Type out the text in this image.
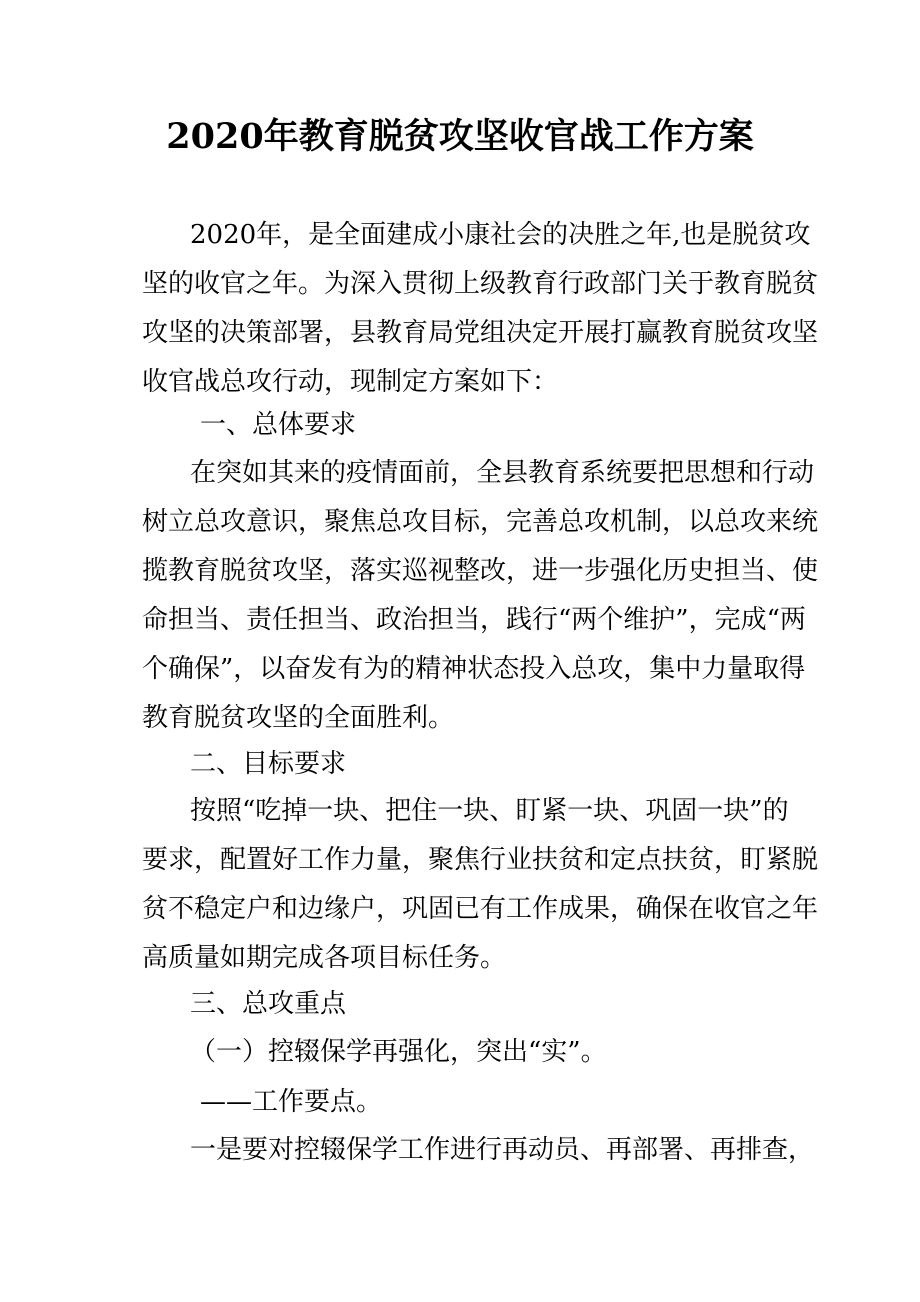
2020年教育脱贫攻坚收官战工作方案
2020年，是全面建成小康社会的决胜之年,也是脱贫攻
坚的收官之年。为深入贯彻上级教育行政部门关于教育脱贫
攻坚的决策部署，县教育局党组决定开展打赢教育脱贫攻坚
收官战总攻行动，现制定方案如下：
一、总体要求
在突如其来的疫情面前，全县教育系统要把思想和行动
树立总攻意识，聚焦总攻目标，完善总攻机制，以总攻来统
揽教育脱贫攻坚，落实巡视整改，进一步强化历史担当、使
命担当、责任担当、政治担当，践行“两个维护”，完成“两
个确保”，以奋发有为的精神状态投入总攻，集中力量取得
教育脱贫攻坚的全面胜利。
二、目标要求
按照“吃掉一块、把住一块、盯紧一块、巩固一块”的
要求，配置好工作力量，聚焦行业扶贫和定点扶贫，盯紧脱
贫不稳定户和边缘户，巩固已有工作成果，确保在收官之年
高质量如期完成各项目标任务。
三、总攻重点
（一）控辍保学再强化，突出“实”。
——工作要点。
一是要对控辍保学工作进行再动员、再部署、再排查，
